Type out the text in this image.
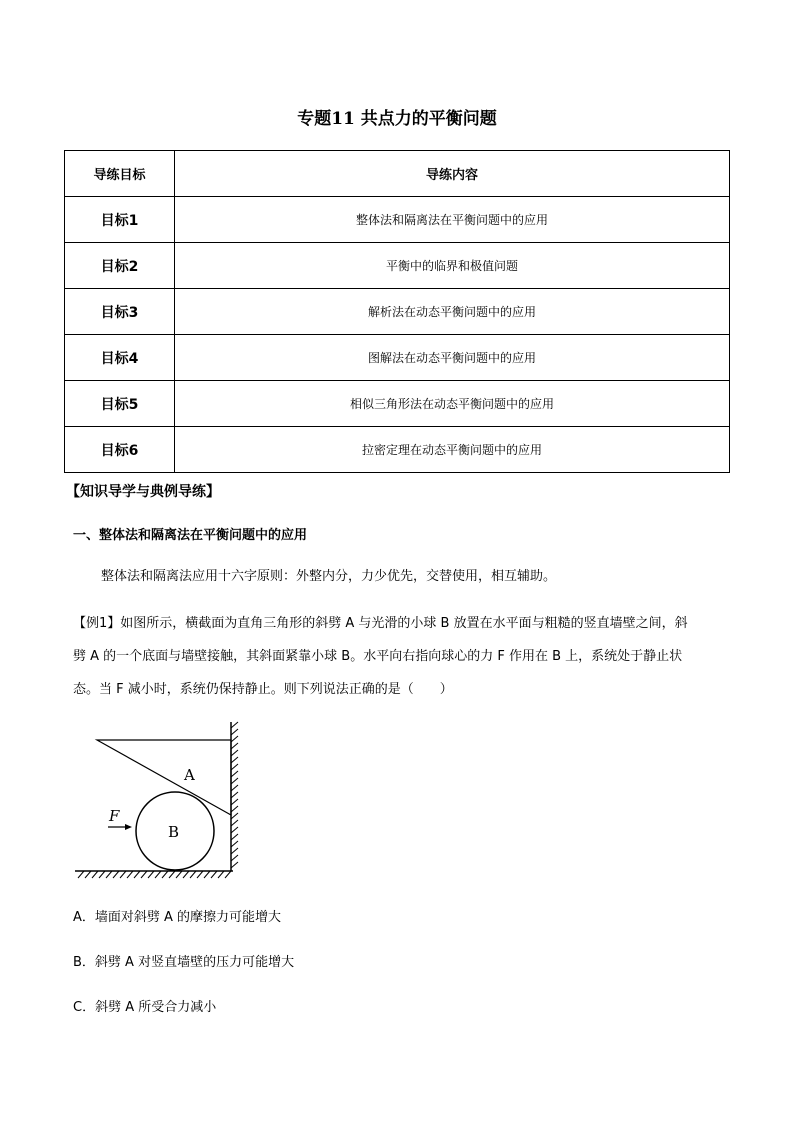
专题11 共点力的平衡问题
导练目标	导练内容
目标1	整体法和隔离法在平衡问题中的应用
目标2	平衡中的临界和极值问题
目标3	解析法在动态平衡问题中的应用
目标4	图解法在动态平衡问题中的应用
目标5	相似三角形法在动态平衡问题中的应用
目标6	拉密定理在动态平衡问题中的应用
【知识导学与典例导练】
一、整体法和隔离法在平衡问题中的应用
整体法和隔离法应用十六字原则：外整内分，力少优先，交替使用，相互辅助。
【例1】如图所示，横截面为直角三角形的斜劈 A 与光滑的小球 B 放置在水平面与粗糙的竖直墙壁之间，斜
劈 A 的一个底面与墙壁接触，其斜面紧靠小球 B。水平向右指向球心的力 F 作用在 B 上，系统处于静止状
态。当 F 减小时，系统仍保持静止。则下列说法正确的是（　　）
A
B
F
A．墙面对斜劈 A 的摩擦力可能增大
B．斜劈 A 对竖直墙壁的压力可能增大
C．斜劈 A 所受合力减小
